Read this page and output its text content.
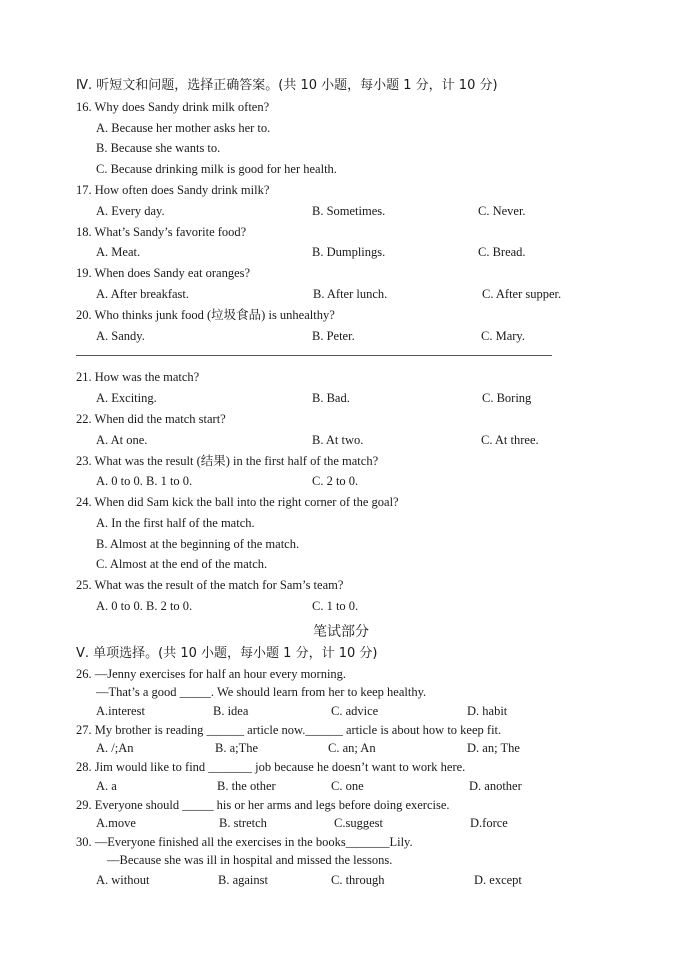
Ⅳ. 听短文和问题，选择正确答案。(共 10 小题，每小题 1 分，计 10 分)
16. Why does Sandy drink milk often?
A. Because her mother asks her to.
B. Because she wants to.
C. Because drinking milk is good for her health.
17. How often does Sandy drink milk?
A. Every day.	B. Sometimes.	C. Never.
18. What’s Sandy’s favorite food?
A. Meat.	B. Dumplings.	C. Bread.
19. When does Sandy eat oranges?
A. After breakfast.	B. After lunch.	C. After supper.
20. Who thinks junk food (垃圾食品) is unhealthy?
A. Sandy.	B. Peter.	C. Mary.
21. How was the match?
A. Exciting.	B. Bad.	C. Boring
22. When did the match start?
A. At one.	B. At two.	C. At three.
23. What was the result (结果) in the first half of the match?
A. 0 to 0. B. 1 to 0.	C. 2 to 0.
24. When did Sam kick the ball into the right corner of the goal?
A. In the first half of the match.
B. Almost at the beginning of the match.
C. Almost at the end of the match.
25. What was the result of the match for Sam’s team?
A. 0 to 0. B. 2 to 0.	C. 1 to 0.
笔试部分
Ⅴ. 单项选择。(共 10 小题，每小题 1 分，计 10 分)
26. —Jenny exercises for half an hour every morning.
—That’s a good _____. We should learn from her to keep healthy.
A.interest	B. idea	C. advice	D. habit
27. My brother is reading ______ article now.______ article is about how to keep fit.
A. /;An	B. a;The	C. an; An	D. an; The
28. Jim would like to find _______ job because he doesn’t want to work here.
A. a	B. the other	C. one	D. another
29. Everyone should _____ his or her arms and legs before doing exercise.
A.move	B. stretch	C.suggest	D.force
30. —Everyone finished all the exercises in the books_______Lily.
—Because she was ill in hospital and missed the lessons.
A. without	B. against	C. through	D. except
